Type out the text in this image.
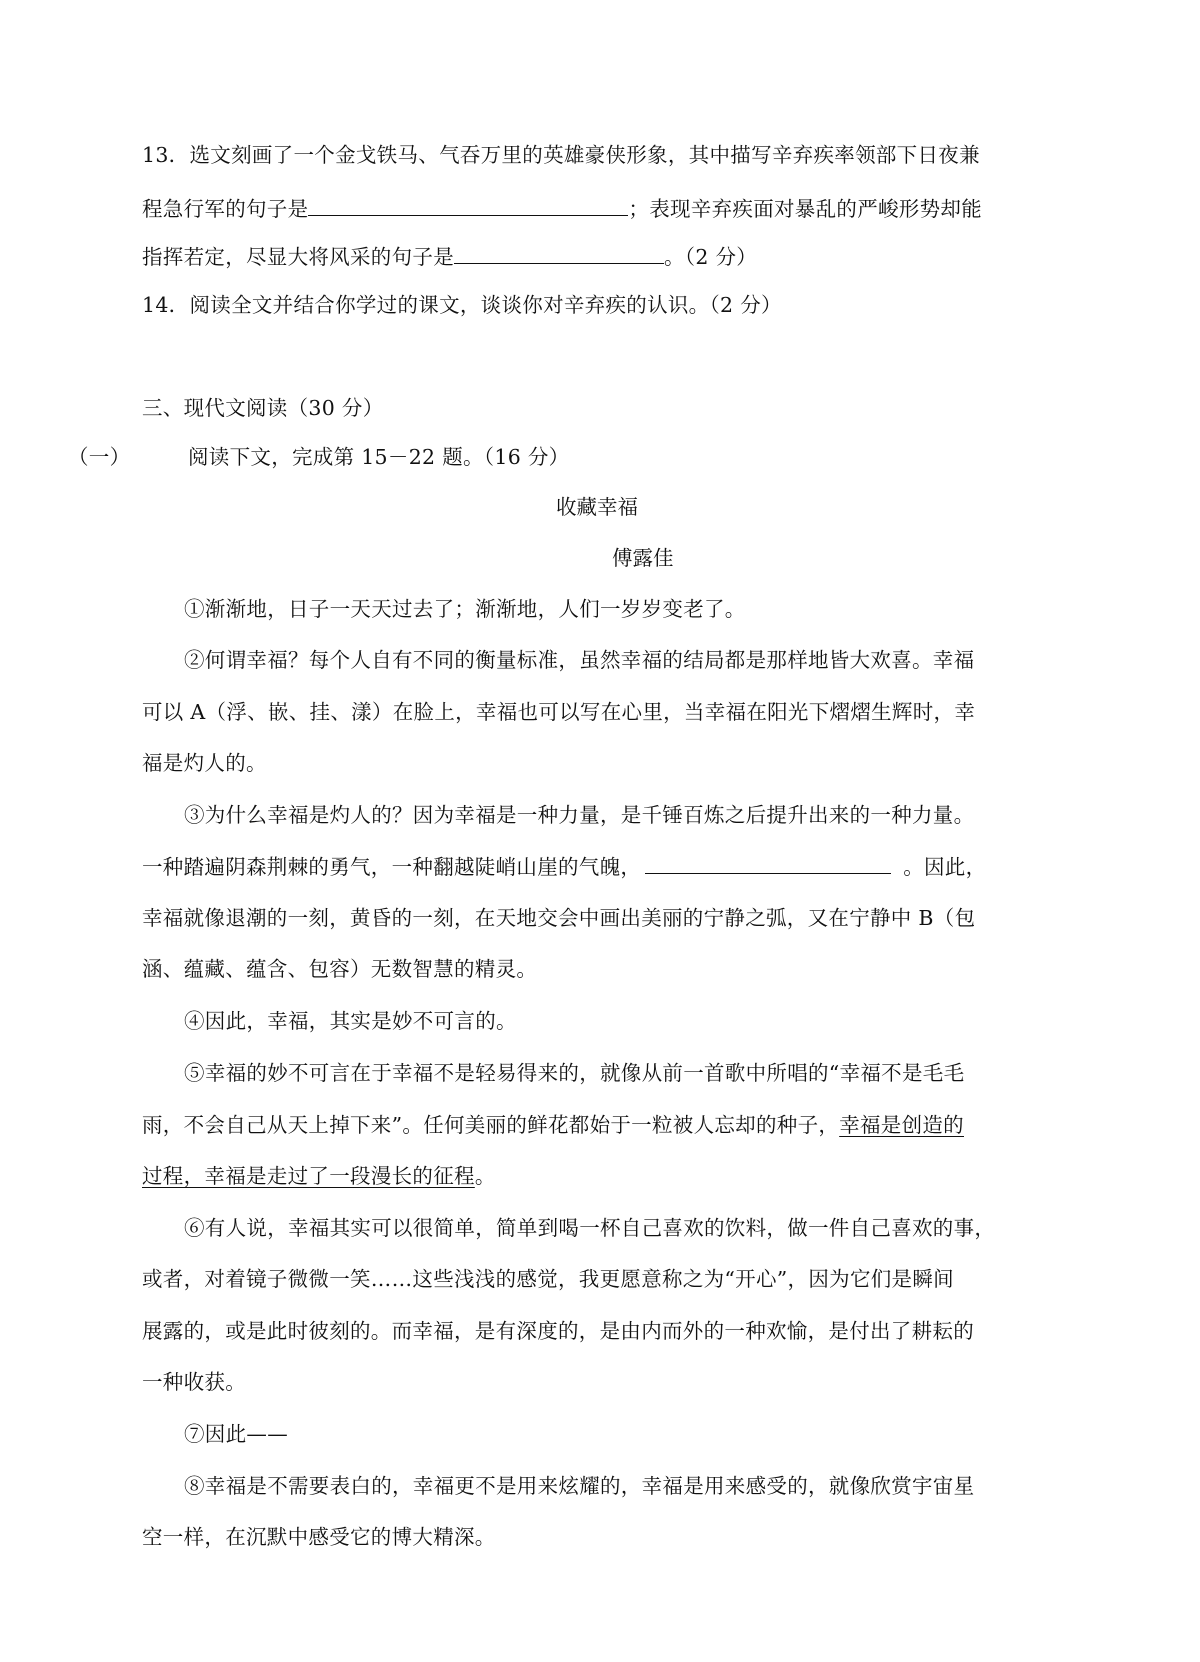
13．选文刻画了一个金戈铁马、气吞万里的英雄豪侠形象，其中描写辛弃疾率领部下日夜兼
程急行军的句子是	；表现辛弃疾面对暴乱的严峻形势却能
指挥若定，尽显大将风采的句子是	。（2 分）
14．阅读全文并结合你学过的课文，谈谈你对辛弃疾的认识。（2 分）
三、现代文阅读（30 分）
（一）	阅读下文，完成第 15－22 题。（16 分）
收藏幸福
傅露佳
①渐渐地，日子一天天过去了；渐渐地，人们一岁岁变老了。
②何谓幸福？每个人自有不同的衡量标准，虽然幸福的结局都是那样地皆大欢喜。幸福
可以 A（浮、嵌、挂、漾）在脸上，幸福也可以写在心里，当幸福在阳光下熠熠生辉时，幸
福是灼人的。
③为什么幸福是灼人的？因为幸福是一种力量，是千锤百炼之后提升出来的一种力量。
一种踏遍阴森荆棘的勇气，一种翻越陡峭山崖的气魄，	。因此，
幸福就像退潮的一刻，黄昏的一刻，在天地交会中画出美丽的宁静之弧，又在宁静中 B（包
涵、蕴藏、蕴含、包容）无数智慧的精灵。
④因此，幸福，其实是妙不可言的。
⑤幸福的妙不可言在于幸福不是轻易得来的，就像从前一首歌中所唱的“幸福不是毛毛
雨，不会自己从天上掉下来”。任何美丽的鲜花都始于一粒被人忘却的种子，幸福是创造的
过程，幸福是走过了一段漫长的征程。
⑥有人说，幸福其实可以很简单，简单到喝一杯自己喜欢的饮料，做一件自己喜欢的事，
或者，对着镜子微微一笑……这些浅浅的感觉，我更愿意称之为“开心”，因为它们是瞬间
展露的，或是此时彼刻的。而幸福，是有深度的，是由内而外的一种欢愉，是付出了耕耘的
一种收获。
⑦因此——
⑧幸福是不需要表白的，幸福更不是用来炫耀的，幸福是用来感受的，就像欣赏宇宙星
空一样，在沉默中感受它的博大精深。
